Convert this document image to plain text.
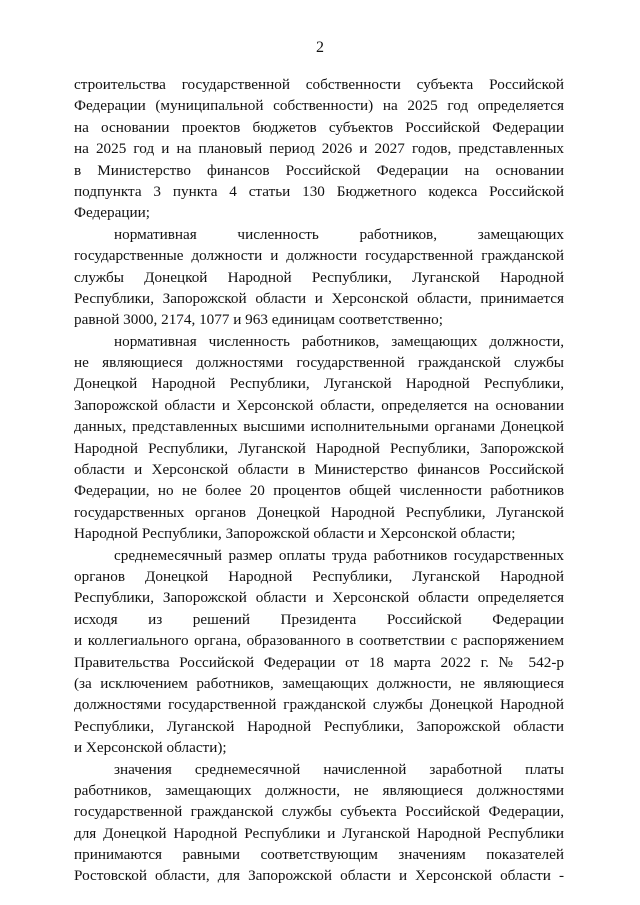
2
строительства государственной собственности субъекта Российской
Федерации (муниципальной собственности) на 2025 год определяется
на основании проектов бюджетов субъектов Российской Федерации
на 2025 год и на плановый период 2026 и 2027 годов, представленных
в Министерство финансов Российской Федерации на основании
подпункта 3 пункта 4 статьи 130 Бюджетного кодекса Российской
Федерации;
нормативная численность работников, замещающих
государственные должности и должности государственной гражданской
службы Донецкой Народной Республики, Луганской Народной
Республики, Запорожской области и Херсонской области, принимается
равной 3000, 2174, 1077 и 963 единицам соответственно;
нормативная численность работников, замещающих должности,
не являющиеся должностями государственной гражданской службы
Донецкой Народной Республики, Луганской Народной Республики,
Запорожской области и Херсонской области, определяется на основании
данных, представленных высшими исполнительными органами Донецкой
Народной Республики, Луганской Народной Республики, Запорожской
области и Херсонской области в Министерство финансов Российской
Федерации, но не более 20 процентов общей численности работников
государственных органов Донецкой Народной Республики, Луганской
Народной Республики, Запорожской области и Херсонской области;
среднемесячный размер оплаты труда работников государственных
органов Донецкой Народной Республики, Луганской Народной
Республики, Запорожской области и Херсонской области определяется
исходя из решений Президента Российской Федерации
и коллегиального органа, образованного в соответствии с распоряжением
Правительства Российской Федерации от 18 марта 2022 г. № 542-р
(за исключением работников, замещающих должности, не являющиеся
должностями государственной гражданской службы Донецкой Народной
Республики, Луганской Народной Республики, Запорожской области
и Херсонской области);
значения среднемесячной начисленной заработной платы
работников, замещающих должности, не являющиеся должностями
государственной гражданской службы субъекта Российской Федерации,
для Донецкой Народной Республики и Луганской Народной Республики
принимаются равными соответствующим значениям показателей
Ростовской области, для Запорожской области и Херсонской области -
